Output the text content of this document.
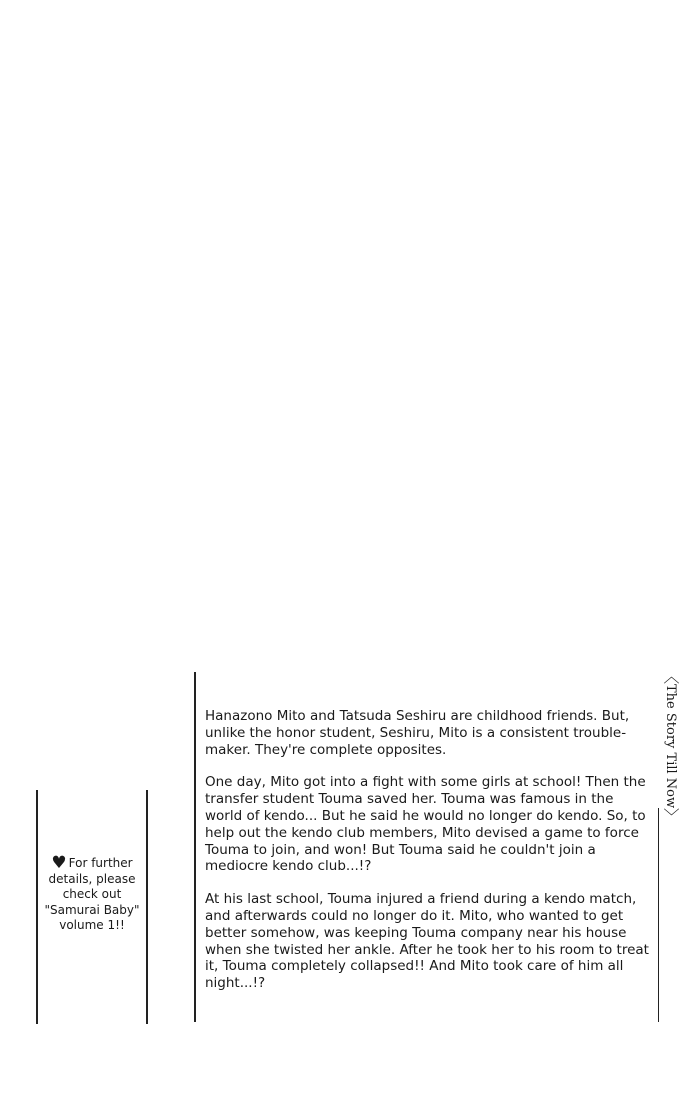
♥ For further details, please check out "Samurai Baby" volume 1!!

Hanazono Mito and Tatsuda Seshiru are childhood friends. But, unlike the honor student, Seshiru, Mito is a consistent trouble-maker. They're complete opposites.

One day, Mito got into a fight with some girls at school! Then the transfer student Touma saved her. Touma was famous in the world of kendo... But he said he would no longer do kendo. So, to help out the kendo club members, Mito devised a game to force Touma to join, and won! But Touma said he couldn't join a mediocre kendo club...!?

At his last school, Touma injured a friend during a kendo match, and afterwards could no longer do it. Mito, who wanted to get better somehow, was keeping Touma company near his house when she twisted her ankle. After he took her to his room to treat it, Touma completely collapsed!! And Mito took care of him all night...!?

〈The Story Till Now〉
